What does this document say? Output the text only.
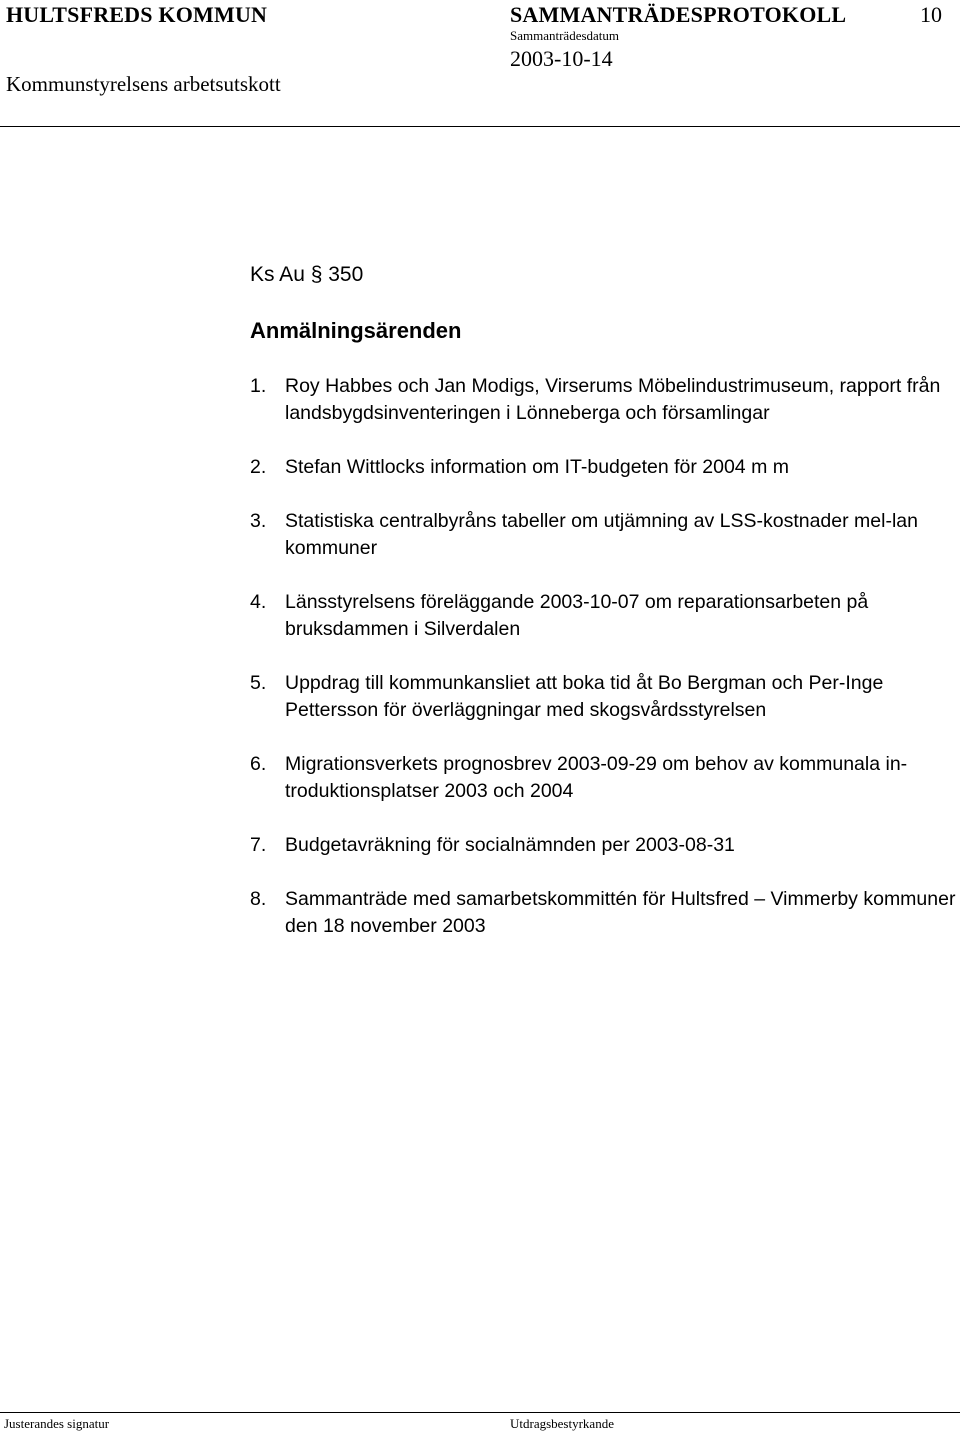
HULTSFREDS KOMMUN	SAMMANTRÄDESPROTOKOLL	10
Sammanträdesdatum
2003-10-14
Kommunstyrelsens arbetsutskott
Ks Au § 350
Anmälningsärenden
1. Roy Habbes och Jan Modigs, Virserums Möbelindustrimuseum, rapport från landsbygdsinventeringen i Lönneberga och församlingar
2. Stefan Wittlocks information om IT-budgeten för 2004 m m
3. Statistiska centralbyråns tabeller om utjämning av LSS-kostnader mel-lan kommuner
4. Länsstyrelsens föreläggande 2003-10-07 om reparationsarbeten på bruksdammen i Silverdalen
5. Uppdrag till kommunkansliet att boka tid åt Bo Bergman och Per-Inge Pettersson för överläggningar med skogsvårdsstyrelsen
6. Migrationsverkets prognosbrev 2003-09-29 om behov av kommunala in-troduktionsplatser 2003 och 2004
7. Budgetavräkning för socialnämnden per 2003-08-31
8. Sammanträde med samarbetskommittén för Hultsfred – Vimmerby kommuner den 18 november 2003
Justerandes signatur	Utdragsbestyrkande
